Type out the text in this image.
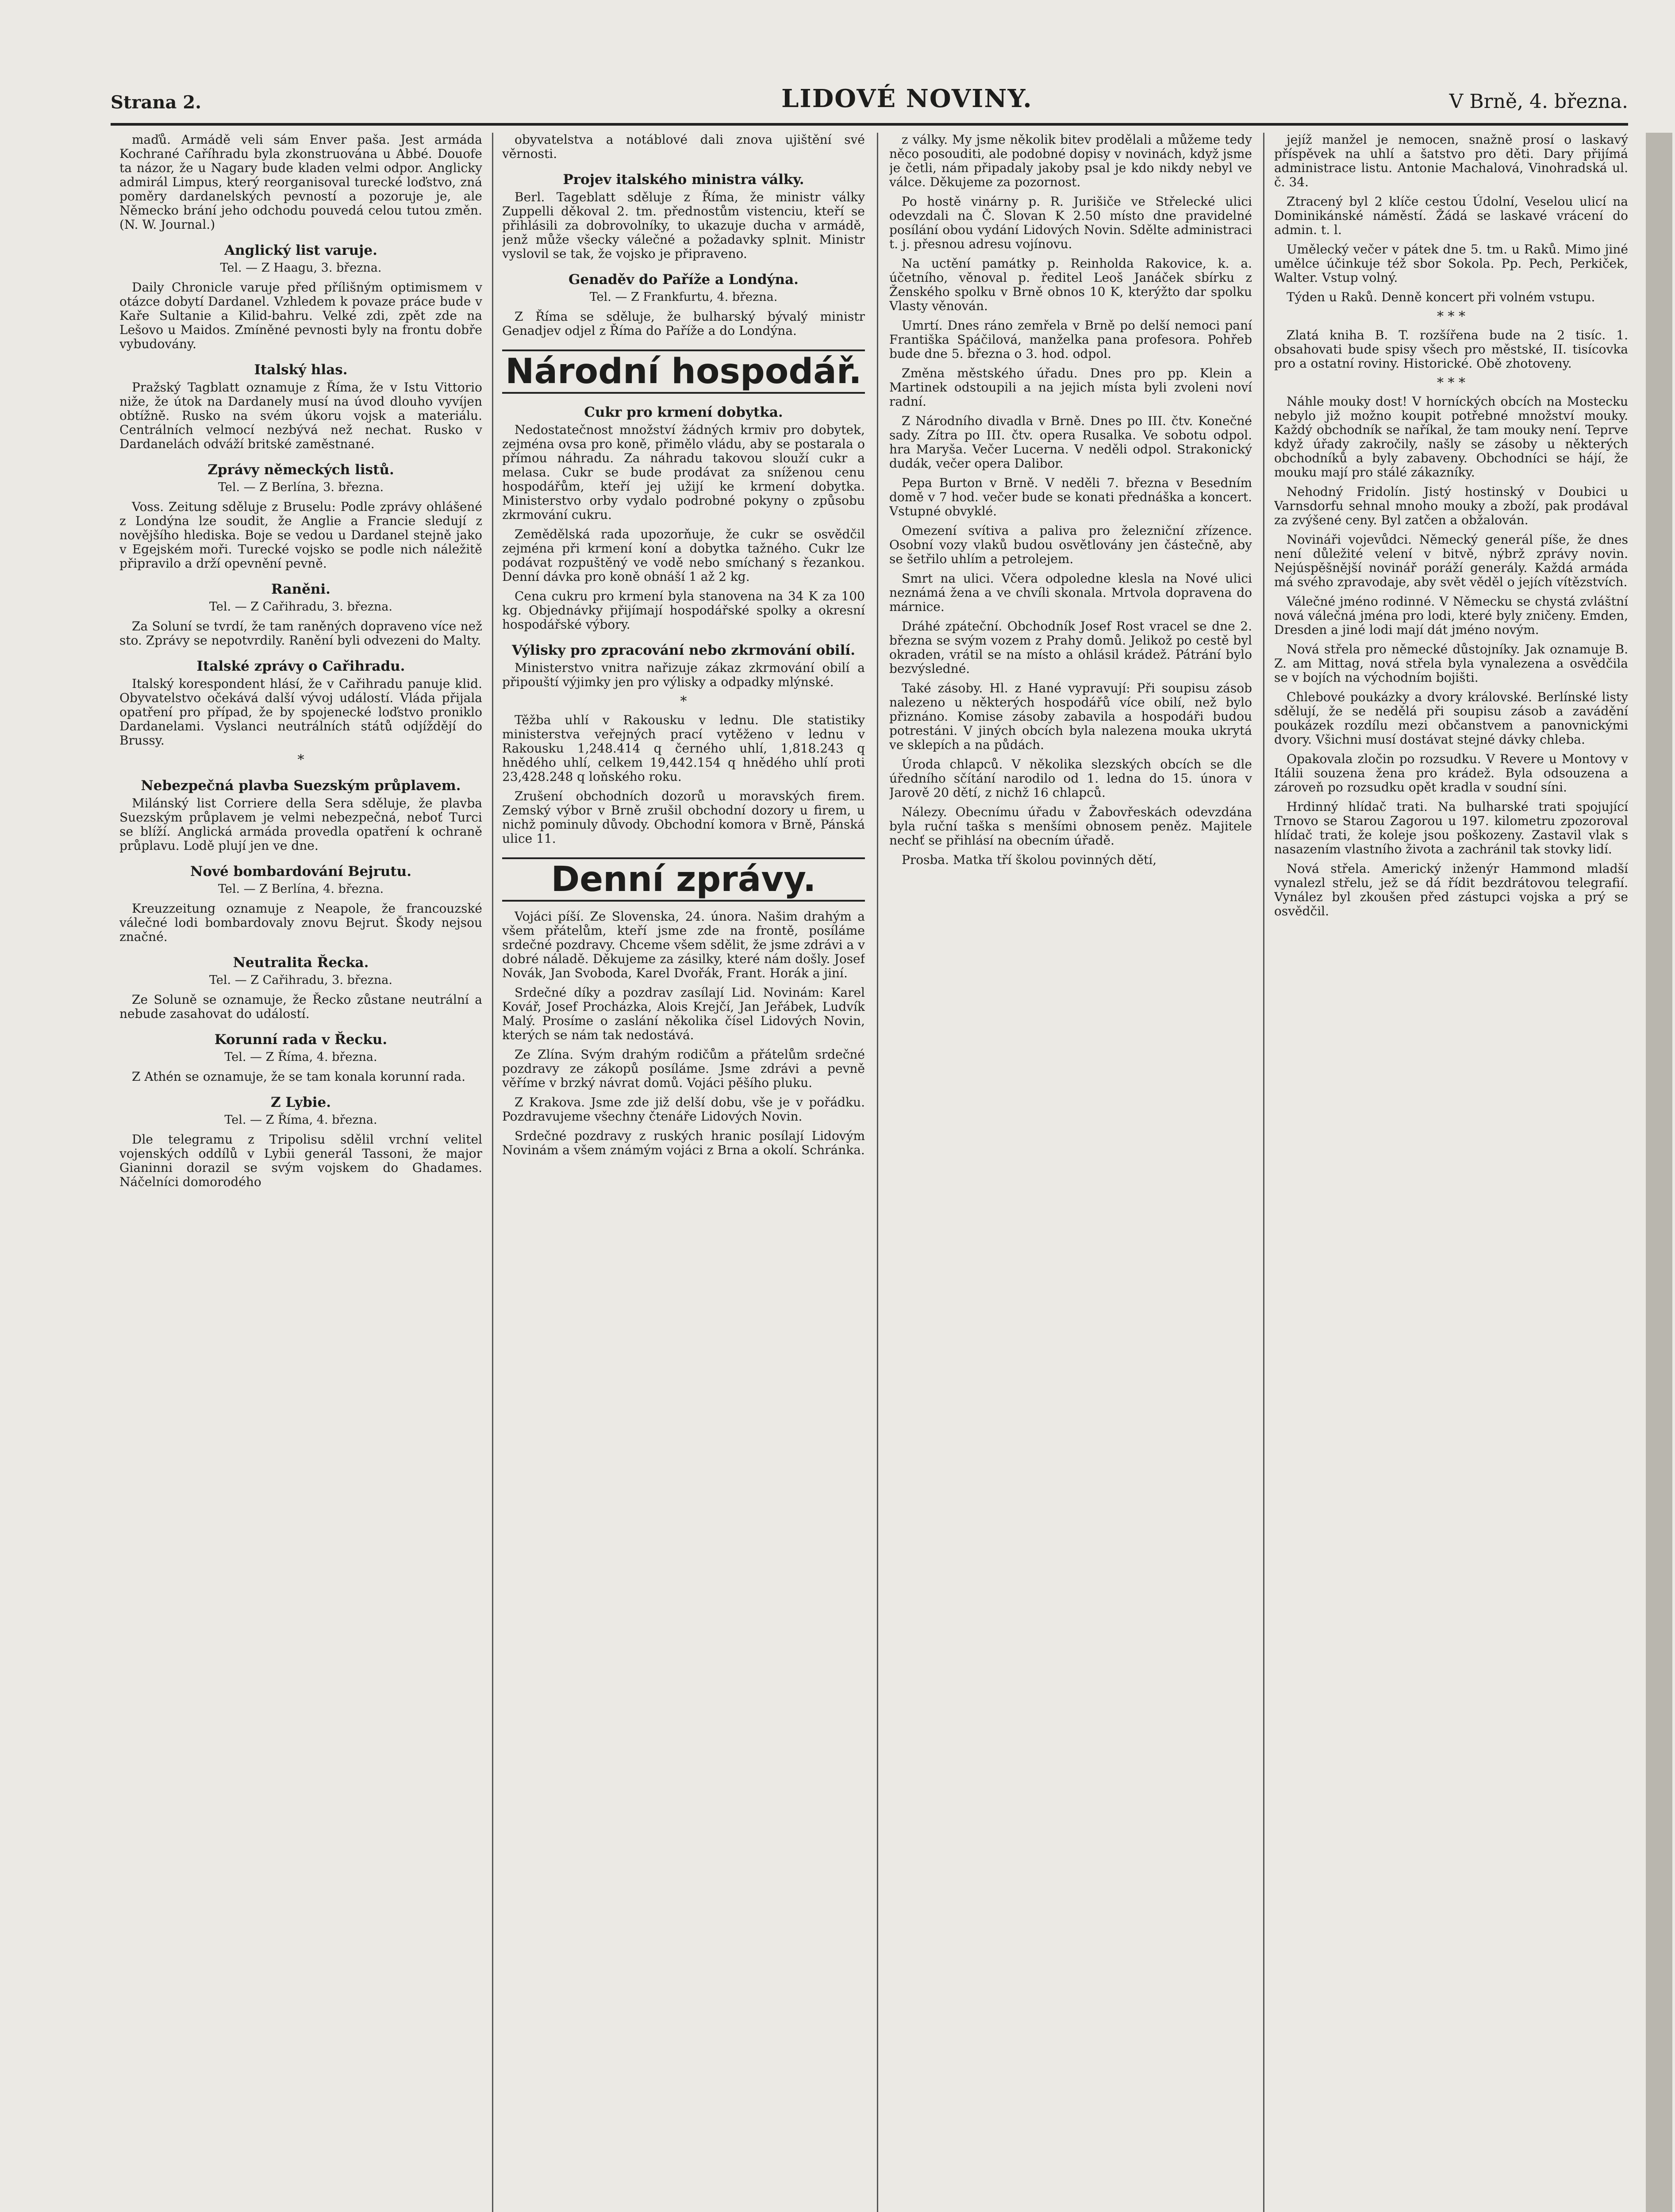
Strana 2.	LIDOVÉ NOVINY.	V Brně, 4. března.
maďů. Armádě veli sám Enver paša. Jest armáda Kochrané Caříhradu byla zkonstruována u Abbé. Douofe ta názor, že u Nagary bude kladen velmi odpor. Anglicky admirál Limpus, který reorganisoval turecké loďstvo, zná poměry dardanelských pevností a pozoruje je, ale Německo brání jeho odchodu pouvedá celou tutou změn. (N. W. Journal.)
Anglický list varuje.
Tel. — Z Haagu, 3. března.
Daily Chronicle varuje před přílišným optimismem v otázce dobytí Dardanel. Vzhledem k povaze práce bude v Kaře Sultanie a Kilid-bahru. Velké zdi, zpět zde na Lešovo u Maidos. Zmíněné pevnosti byly na frontu dobře vybudovány.
Italský hlas.
Pražský Tagblatt oznamuje z Říma, že v Istu Vittorio niže, že útok na Dardanely musí na úvod dlouho vyvíjen obtížně. Rusko na svém úkoru vojsk a materiálu. Centrálních velmocí nezbývá než nechat. Rusko v Dardanelách odváží britské zaměstnané.
Zprávy německých listů.
Tel. — Z Berlína, 3. března.
Voss. Zeitung sděluje z Bruselu: Podle zprávy ohlášené z Londýna lze soudit, že Anglie a Francie sledují z novějšího hlediska. Boje se vedou u Dardanel stejně jako v Egejském moři. Turecké vojsko se podle nich náležitě připravilo a drží opevnění pevně.
Raněni.
Tel. — Z Cařihradu, 3. března.
Za Soluní se tvrdí, že tam raněných dopraveno více než sto. Zprávy se nepotvrdily. Ranění byli odvezeni do Malty.
Italské zprávy o Cařihradu.
Italský korespondent hlásí, že v Cařihradu panuje klid. Obyvatelstvo očekává další vývoj událostí. Vláda přijala opatření pro případ, že by spojenecké loďstvo proniklo Dardanelami. Vyslanci neutrálních států odjíždějí do Brussy.
*
Nebezpečná plavba Suezským průplavem.
Milánský list Corriere della Sera sděluje, že plavba Suezským průplavem je velmi nebezpečná, neboť Turci se blíží. Anglická armáda provedla opatření k ochraně průplavu. Lodě plují jen ve dne.
Nové bombardování Bejrutu.
Tel. — Z Berlína, 4. března.
Kreuzzeitung oznamuje z Neapole, že francouzské válečné lodi bombardovaly znovu Bejrut. Škody nejsou značné.
Neutralita Řecka.
Tel. — Z Cařihradu, 3. března.
Ze Soluně se oznamuje, že Řecko zůstane neutrální a nebude zasahovat do událostí.
Korunní rada v Řecku.
Tel. — Z Říma, 4. března.
Z Athén se oznamuje, že se tam konala korunní rada.
Z Lybie.
Tel. — Z Říma, 4. března.
Dle telegramu z Tripolisu sdělil vrchní velitel vojenských oddílů v Lybii generál Tassoni, že major Gianinni dorazil se svým vojskem do Ghadames. Náčelníci domorodého
obyvatelstva a notáblové dali znova ujištění své věrnosti.
Projev italského ministra války.
Berl. Tageblatt sděluje z Říma, že ministr války Zuppelli děkoval 2. tm. přednostům vistenciu, kteří se přihlásili za dobrovolníky, to ukazuje ducha v armádě, jenž může všecky válečné a požadavky splnit. Ministr vyslovil se tak, že vojsko je připraveno.
Genaděv do Paříže a Londýna.
Tel. — Z Frankfurtu, 4. března.
Z Říma se sděluje, že bulharský bývalý ministr Genadjev odjel z Říma do Paříže a do Londýna.
Národní hospodář.
Cukr pro krmení dobytka.
Nedostatečnost množství žádných krmiv pro dobytek, zejména ovsa pro koně, přimělo vládu, aby se postarala o přímou náhradu. Za náhradu takovou slouží cukr a melasa. Cukr se bude prodávat za sníženou cenu hospodářům, kteří jej užijí ke krmení dobytka. Ministerstvo orby vydalo podrobné pokyny o způsobu zkrmování cukru.
Zemědělská rada upozorňuje, že cukr se osvědčil zejména při krmení koní a dobytka tažného. Cukr lze podávat rozpuštěný ve vodě nebo smíchaný s řezankou. Denní dávka pro koně obnáší 1 až 2 kg.
Cena cukru pro krmení byla stanovena na 34 K za 100 kg. Objednávky přijímají hospodářské spolky a okresní hospodářské výbory.
Výlisky pro zpracování nebo zkrmování obilí.
Ministerstvo vnitra nařizuje zákaz zkrmování obilí a připouští výjimky jen pro výlisky a odpadky mlýnské.
*
Těžba uhlí v Rakousku v lednu. Dle statistiky ministerstva veřejných prací vytěženo v lednu v Rakousku 1,248.414 q černého uhlí, 1,818.243 q hnědého uhlí, celkem 19,442.154 q hnědého uhlí proti 23,428.248 q loňského roku.
Zrušení obchodních dozorů u moravských firem. Zemský výbor v Brně zrušil obchodní dozory u firem, u nichž pominuly důvody. Obchodní komora v Brně, Pánská ulice 11.
Denní zprávy.
Vojáci píší. Ze Slovenska, 24. února. Našim drahým a všem přátelům, kteří jsme zde na frontě, posíláme srdečné pozdravy. Chceme všem sdělit, že jsme zdrávi a v dobré náladě. Děkujeme za zásilky, které nám došly. Josef Novák, Jan Svoboda, Karel Dvořák, Frant. Horák a jiní.
Srdečné díky a pozdrav zasílají Lid. Novinám: Karel Kovář, Josef Procházka, Alois Krejčí, Jan Jeřábek, Ludvík Malý. Prosíme o zaslání několika čísel Lidových Novin, kterých se nám tak nedostává.
Ze Zlína. Svým drahým rodičům a přátelům srdečné pozdravy ze zákopů posíláme. Jsme zdrávi a pevně věříme v brzký návrat domů. Vojáci pěšího pluku.
Z Krakova. Jsme zde již delší dobu, vše je v pořádku. Pozdravujeme všechny čtenáře Lidových Novin.
Srdečné pozdravy z ruských hranic posílají Lidovým Novinám a všem známým vojáci z Brna a okolí. Schránka.
z války. My jsme několik bitev prodělali a můžeme tedy něco posouditi, ale podobné dopisy v novinách, když jsme je četli, nám připadaly jakoby psal je kdo nikdy nebyl ve válce. Děkujeme za pozornost.
Po hostě vinárny p. R. Jurišiče ve Střelecké ulici odevzdali na Č. Slovan K 2.50 místo dne pravidelné posílání obou vydání Lidových Novin. Sdělte administraci t. j. přesnou adresu vojínovu.
Na uctění památky p. Reinholda Rakovice, k. a. účetního, věnoval p. ředitel Leoš Janáček sbírku z Ženského spolku v Brně obnos 10 K, kterýžto dar spolku Vlasty věnován.
Umrtí. Dnes ráno zemřela v Brně po delší nemoci paní Františka Spáčilová, manželka pana profesora. Pohřeb bude dne 5. března o 3. hod. odpol.
Změna městského úřadu. Dnes pro pp. Klein a Martinek odstoupili a na jejich místa byli zvoleni noví radní.
Z Národního divadla v Brně. Dnes po III. čtv. Konečné sady. Zítra po III. čtv. opera Rusalka. Ve sobotu odpol. hra Maryša. Večer Lucerna. V neděli odpol. Strakonický dudák, večer opera Dalibor.
Pepa Burton v Brně. V neděli 7. března v Besedním domě v 7 hod. večer bude se konati přednáška a koncert. Vstupné obvyklé.
Omezení svítiva a paliva pro železniční zřízence. Osobní vozy vlaků budou osvětlovány jen částečně, aby se šetřilo uhlím a petrolejem.
Smrt na ulici. Včera odpoledne klesla na Nové ulici neznámá žena a ve chvíli skonala. Mrtvola dopravena do márnice.
Dráhé zpáteční. Obchodník Josef Rost vracel se dne 2. března se svým vozem z Prahy domů. Jelikož po cestě byl okraden, vrátil se na místo a ohlásil krádež. Pátrání bylo bezvýsledné.
Také zásoby. Hl. z Hané vypravují: Při soupisu zásob nalezeno u některých hospodářů více obilí, než bylo přiznáno. Komise zásoby zabavila a hospodáři budou potrestáni. V jiných obcích byla nalezena mouka ukrytá ve sklepích a na půdách.
Úroda chlapců. V několika slezských obcích se dle úředního sčítání narodilo od 1. ledna do 15. února v Jarově 20 dětí, z nichž 16 chlapců.
Nálezy. Obecnímu úřadu v Žabovřeskách odevzdána byla ruční taška s menšími obnosem peněz. Majitele nechť se přihlásí na obecním úřadě.
Prosba. Matka tří školou povinných dětí,
jejíž manžel je nemocen, snažně prosí o laskavý příspěvek na uhlí a šatstvo pro děti. Dary přijímá administrace listu. Antonie Machalová, Vinohradská ul. č. 34.
Ztracený byl 2 klíče cestou Údolní, Veselou ulicí na Dominikánské náměstí. Žádá se laskavé vrácení do admin. t. l.
Umělecký večer v pátek dne 5. tm. u Raků. Mimo jiné umělce účinkuje též sbor Sokola. Pp. Pech, Perkiček, Walter. Vstup volný.
Týden u Raků. Denně koncert při volném vstupu.
* * *
Zlatá kniha B. T. rozšířena bude na 2 tisíc. 1. obsahovati bude spisy všech pro městské, II. tisícovka pro a ostatní roviny. Historické. Obě zhotoveny.
* * *
Náhle mouky dost! V horníckých obcích na Mostecku nebylo již možno koupit potřebné množství mouky. Každý obchodník se naříkal, že tam mouky není. Teprve když úřady zakročily, našly se zásoby u některých obchodníků a byly zabaveny. Obchodníci se hájí, že mouku mají pro stálé zákazníky.
Nehodný Fridolín. Jistý hostinský v Doubici u Varnsdorfu sehnal mnoho mouky a zboží, pak prodával za zvýšené ceny. Byl zatčen a obžalován.
Novináři vojevůdci. Německý generál píše, že dnes není důležité velení v bitvě, nýbrž zprávy novin. Nejúspěšnější novinář poráží generály. Každá armáda má svého zpravodaje, aby svět věděl o jejích vítězstvích.
Válečné jméno rodinné. V Německu se chystá zvláštní nová válečná jména pro lodi, které byly zničeny. Emden, Dresden a jiné lodi mají dát jméno novým.
Nová střela pro německé důstojníky. Jak oznamuje B. Z. am Mittag, nová střela byla vynalezena a osvědčila se v bojích na východním bojišti.
Chlebové poukázky a dvory královské. Berlínské listy sdělují, že se nedělá při soupisu zásob a zavádění poukázek rozdílu mezi občanstvem a panovnickými dvory. Všichni musí dostávat stejné dávky chleba.
Opakovala zločin po rozsudku. V Revere u Montovy v Itálii souzena žena pro krádež. Byla odsouzena a zároveň po rozsudku opět kradla v soudní síni.
Hrdinný hlídač trati. Na bulharské trati spojující Trnovo se Starou Zagorou u 197. kilometru zpozoroval hlídač trati, že koleje jsou poškozeny. Zastavil vlak s nasazením vlastního života a zachránil tak stovky lidí.
Nová střela. Americký inženýr Hammond mladší vynalezl střelu, jež se dá řídit bezdrátovou telegrafií. Vynález byl zkoušen před zástupci vojska a prý se osvědčil.
